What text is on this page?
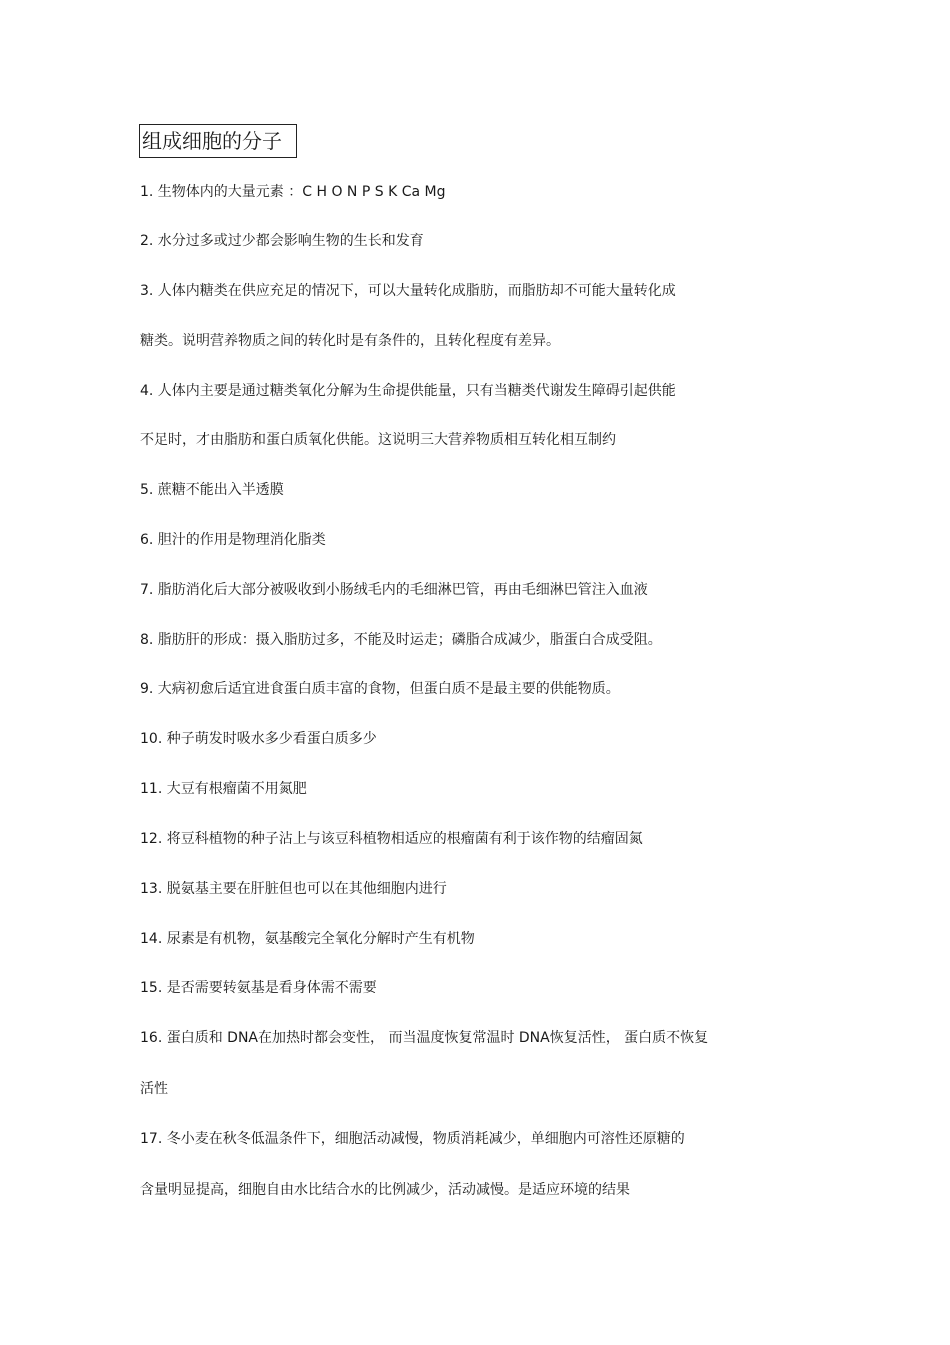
组成细胞的分子
1. 生物体内的大量元素 ：C H O N P S K Ca Mg
2. 水分过多或过少都会影响生物的生长和发育
3. 人体内糖类在供应充足的情况下，可以大量转化成脂肪，而脂肪却不可能大量转化成
糖类。说明营养物质之间的转化时是有条件的，且转化程度有差异。
4. 人体内主要是通过糖类氧化分解为生命提供能量，只有当糖类代谢发生障碍引起供能
不足时，才由脂肪和蛋白质氧化供能。这说明三大营养物质相互转化相互制约
5. 蔗糖不能出入半透膜
6. 胆汁的作用是物理消化脂类
7. 脂肪消化后大部分被吸收到小肠绒毛内的毛细淋巴管，再由毛细淋巴管注入血液
8. 脂肪肝的形成：摄入脂肪过多，不能及时运走；磷脂合成减少，脂蛋白合成受阻。
9. 大病初愈后适宜进食蛋白质丰富的食物，但蛋白质不是最主要的供能物质。
10. 种子萌发时吸水多少看蛋白质多少
11. 大豆有根瘤菌不用氮肥
12. 将豆科植物的种子沾上与该豆科植物相适应的根瘤菌有利于该作物的结瘤固氮
13. 脱氨基主要在肝脏但也可以在其他细胞内进行
14. 尿素是有机物，氨基酸完全氧化分解时产生有机物
15. 是否需要转氨基是看身体需不需要
16. 蛋白质和 DNA在加热时都会变性， 而当温度恢复常温时 DNA恢复活性， 蛋白质不恢复
活性
17. 冬小麦在秋冬低温条件下，细胞活动减慢，物质消耗减少，单细胞内可溶性还原糖的
含量明显提高，细胞自由水比结合水的比例减少，活动减慢。是适应环境的结果
